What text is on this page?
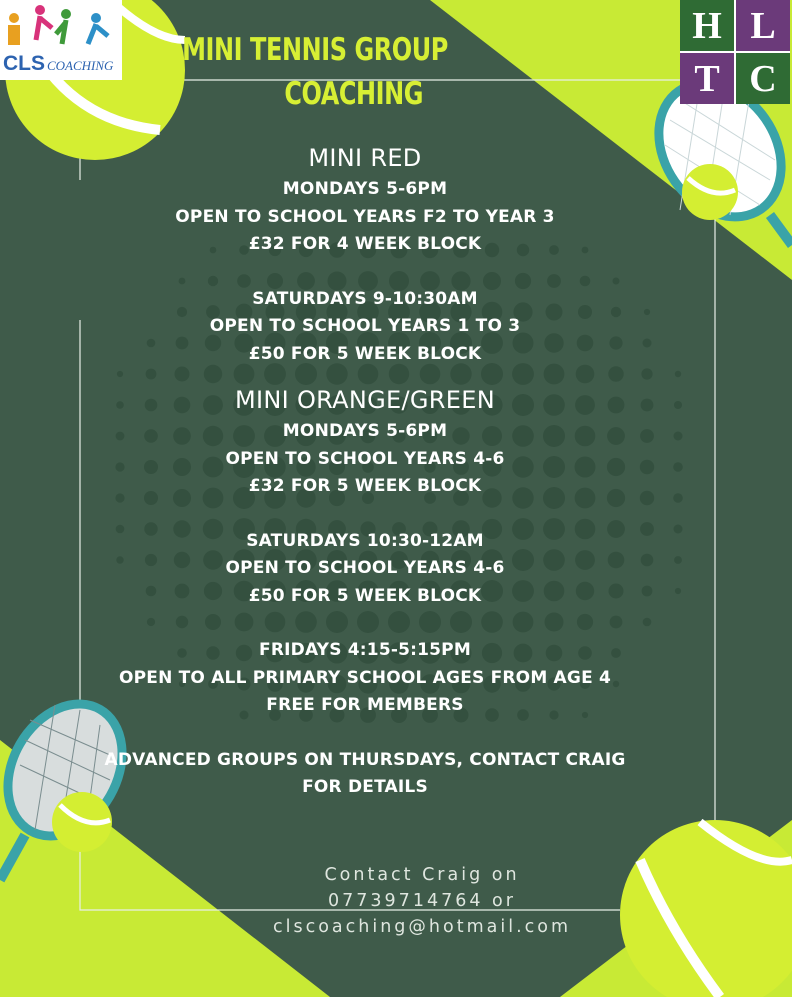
CLS COACHING
H L
T C
MINI TENNIS GROUP
COACHING
MINI RED
MONDAYS 5-6PM
OPEN TO SCHOOL YEARS F2 TO YEAR 3
£32 FOR 4 WEEK BLOCK
SATURDAYS 9-10:30AM
OPEN TO SCHOOL YEARS 1 TO 3
£50 FOR 5 WEEK BLOCK
MINI ORANGE/GREEN
MONDAYS 5-6PM
OPEN TO SCHOOL YEARS 4-6
£32 FOR 5 WEEK BLOCK
SATURDAYS 10:30-12AM
OPEN TO SCHOOL YEARS 4-6
£50 FOR 5 WEEK BLOCK
FRIDAYS 4:15-5:15PM
OPEN TO ALL PRIMARY SCHOOL AGES FROM AGE 4
FREE FOR MEMBERS
ADVANCED GROUPS ON THURSDAYS, CONTACT CRAIG
FOR DETAILS
Contact Craig on
07739714764 or
clscoaching@hotmail.com
